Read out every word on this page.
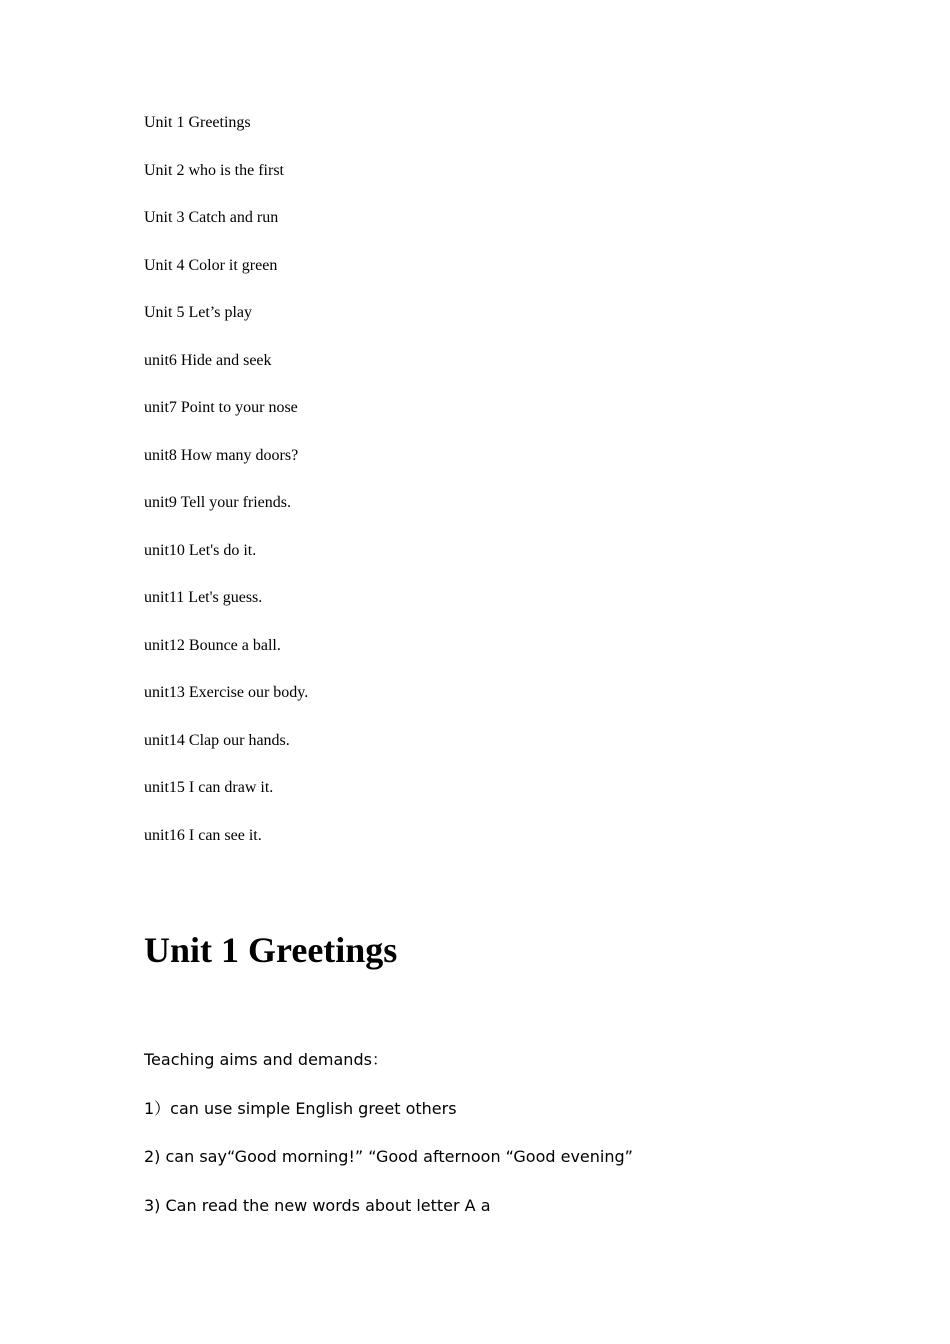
Unit 1 Greetings

Unit 2 who is the first

Unit 3 Catch and run

Unit 4 Color it green

Unit 5 Let’s play

unit6 Hide and seek

unit7 Point to your nose

unit8 How many doors?

unit9 Tell your friends.

unit10 Let's do it.

unit11 Let's guess.

unit12 Bounce a ball.

unit13 Exercise our body.

unit14 Clap our hands.

unit15 I can draw it.

unit16 I can see it.

Unit 1 Greetings

Teaching aims and demands：

1）can use simple English greet others

2) can say“Good morning!” “Good afternoon “Good evening”

3) Can read the new words about letter A a
